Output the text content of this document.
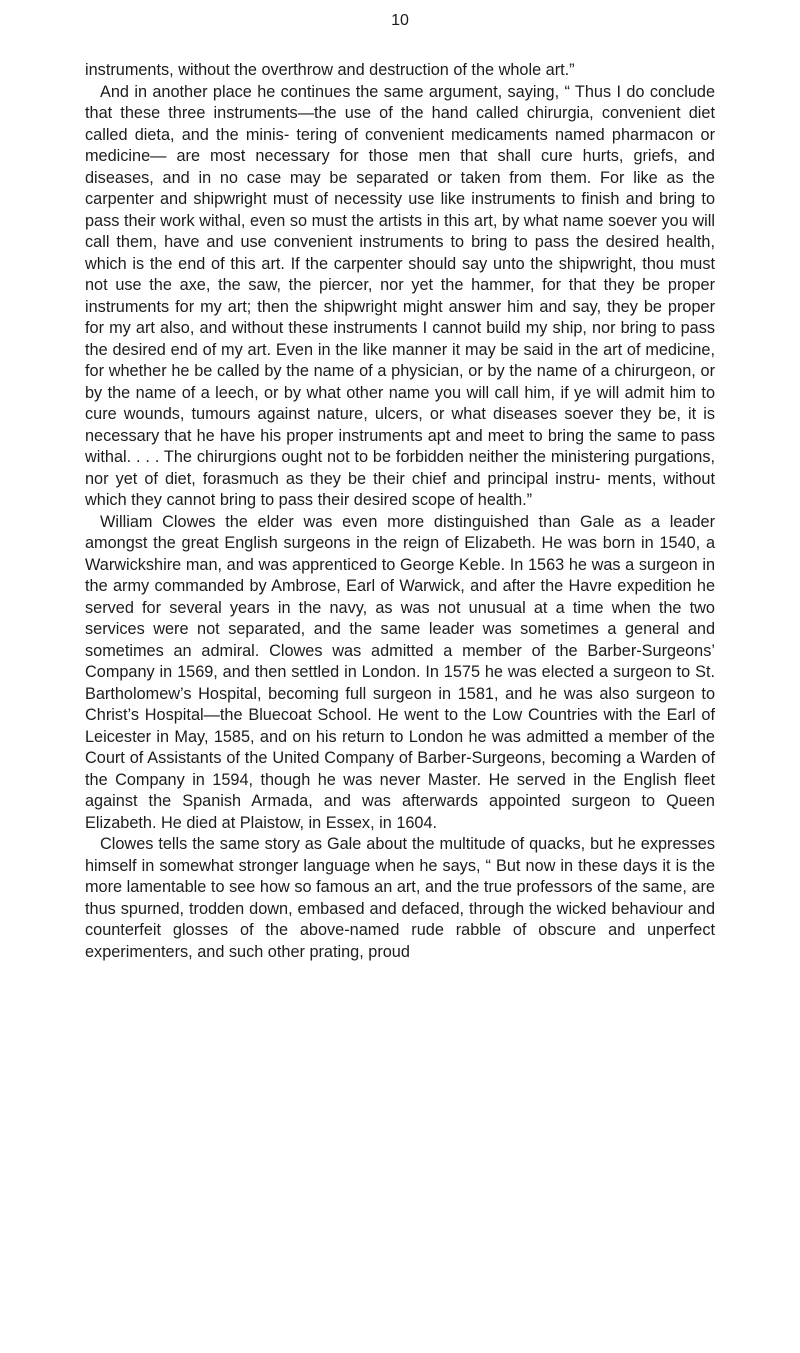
10

instruments, without the overthrow and destruction of the whole art.”

And in another place he continues the same argument, saying, “ Thus I do conclude that these three instruments—the use of the hand called chirurgia, convenient diet called dieta, and the minis- tering of convenient medicaments named pharmacon or medicine— are most necessary for those men that shall cure hurts, griefs, and diseases, and in no case may be separated or taken from them. For like as the carpenter and shipwright must of necessity use like instruments to finish and bring to pass their work withal, even so must the artists in this art, by what name soever you will call them, have and use convenient instruments to bring to pass the desired health, which is the end of this art. If the carpenter should say unto the shipwright, thou must not use the axe, the saw, the piercer, nor yet the hammer, for that they be proper instruments for my art; then the shipwright might answer him and say, they be proper for my art also, and without these instruments I cannot build my ship, nor bring to pass the desired end of my art. Even in the like manner it may be said in the art of medicine, for whether he be called by the name of a physician, or by the name of a chirurgeon, or by the name of a leech, or by what other name you will call him, if ye will admit him to cure wounds, tumours against nature, ulcers, or what diseases soever they be, it is necessary that he have his proper instruments apt and meet to bring the same to pass withal. . . . The chirurgions ought not to be forbidden neither the ministering purgations, nor yet of diet, forasmuch as they be their chief and principal instru- ments, without which they cannot bring to pass their desired scope of health.”

William Clowes the elder was even more distinguished than Gale as a leader amongst the great English surgeons in the reign of Elizabeth. He was born in 1540, a Warwickshire man, and was apprenticed to George Keble. In 1563 he was a surgeon in the army commanded by Ambrose, Earl of Warwick, and after the Havre expedition he served for several years in the navy, as was not unusual at a time when the two services were not separated, and the same leader was sometimes a general and sometimes an admiral. Clowes was admitted a member of the Barber-Surgeons’ Company in 1569, and then settled in London. In 1575 he was elected a surgeon to St. Bartholomew’s Hospital, becoming full surgeon in 1581, and he was also surgeon to Christ’s Hospital—the Bluecoat School. He went to the Low Countries with the Earl of Leicester in May, 1585, and on his return to London he was admitted a member of the Court of Assistants of the United Company of Barber-Surgeons, becoming a Warden of the Company in 1594, though he was never Master. He served in the English fleet against the Spanish Armada, and was afterwards appointed surgeon to Queen Elizabeth. He died at Plaistow, in Essex, in 1604.

Clowes tells the same story as Gale about the multitude of quacks, but he expresses himself in somewhat stronger language when he says, “ But now in these days it is the more lamentable to see how so famous an art, and the true professors of the same, are thus spurned, trodden down, embased and defaced, through the wicked behaviour and counterfeit glosses of the above-named rude rabble of obscure and unperfect experimenters, and such other prating, proud
